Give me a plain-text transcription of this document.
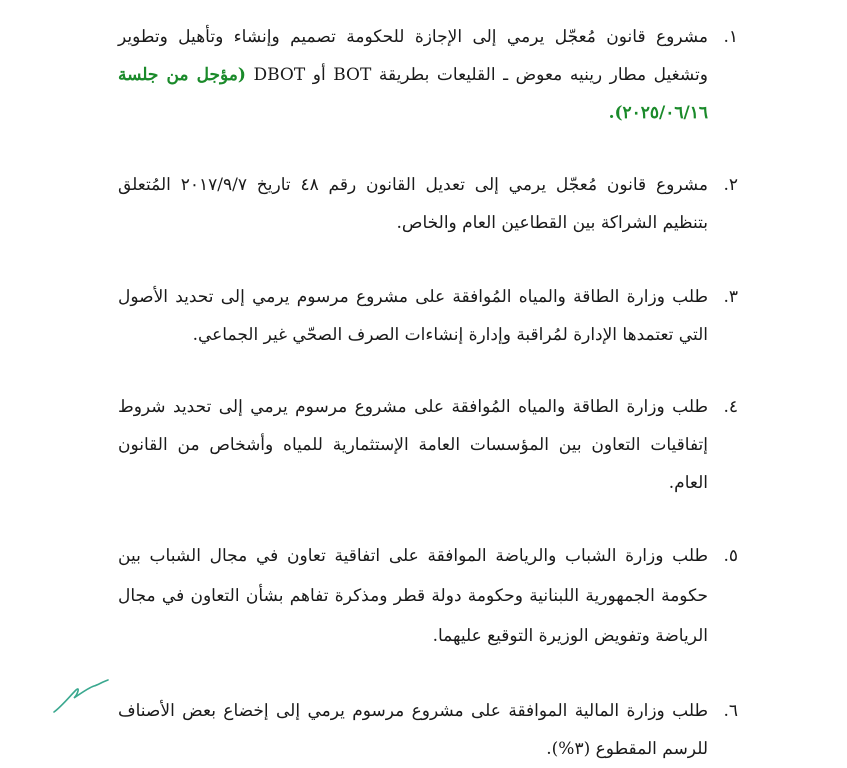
١.
مشروع قانون مُعجّل يرمي إلى الإجازة للحكومة تصميم وإنشاء وتأهيل وتطوير وتشغيل مطار رينيه معوض ـ القليعات بطريقة BOT أو DBOT (مؤجل من جلسة ٢٠٢٥/٠٦/١٦).
٢.
مشروع قانون مُعجّل يرمي إلى تعديل القانون رقم ٤٨ تاريخ ٢٠١٧/٩/٧ المُتعلق بتنظيم الشراكة بين القطاعين العام والخاص.
٣.
طلب وزارة الطاقة والمياه المُوافقة على مشروع مرسوم يرمي إلى تحديد الأصول التي تعتمدها الإدارة لمُراقبة وإدارة إنشاءات الصرف الصحّي غير الجماعي.
٤.
طلب وزارة الطاقة والمياه المُوافقة على مشروع مرسوم يرمي إلى تحديد شروط إتفاقيات التعاون بين المؤسسات العامة الإستثمارية للمياه وأشخاص من القانون العام.
٥.
طلب وزارة الشباب والرياضة الموافقة على اتفاقية تعاون في مجال الشباب بين حكومة الجمهورية اللبنانية وحكومة دولة قطر ومذكرة تفاهم بشأن التعاون في مجال الرياضة وتفويض الوزيرة التوقيع عليهما.
٦.
طلب وزارة المالية الموافقة على مشروع مرسوم يرمي إلى إخضاع بعض الأصناف للرسم المقطوع (٣%).
